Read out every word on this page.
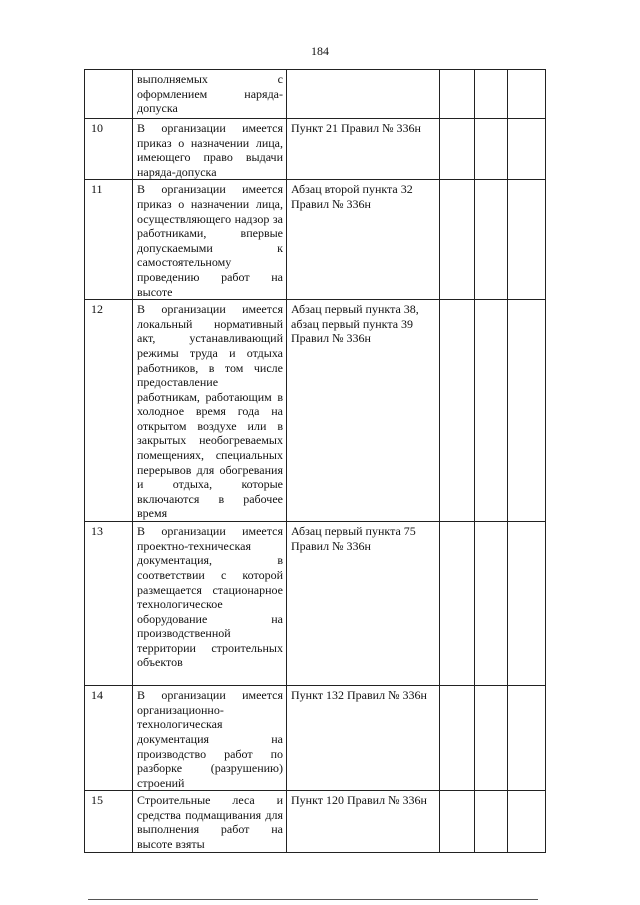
184

	выполняемых с оформлением наряда-допуска				

10	В организации имеется приказ о назначении лица, имеющего право выдачи наряда-допуска	Пункт 21 Правил № 336н			
11	В организации имеется приказ о назначении лица, осуществляющего надзор за работниками, впервые допускаемыми к самостоятельному проведению работ на высоте	Абзац второй пункта 32 Правил № 336н			
12	В организации имеется локальный нормативный акт, устанавливающий режимы труда и отдыха работников, в том числе предоставление работникам, работающим в холодное время года на открытом воздухе или в закрытых необогреваемых помещениях, специальных перерывов для обогревания и отдыха, которые включаются в рабочее время	Абзац первый пункта 38, абзац первый пункта 39 Правил № 336н			
13	В организации имеется проектно-техническая документация, в соответствии с которой размещается стационарное технологическое оборудование на производственной территории строительных объектов	Абзац первый пункта 75 Правил № 336н			
14	В организации имеется организационно-технологическая документация на производство работ по разборке (разрушению) строений	Пункт 132 Правил № 336н			
15	Строительные леса и средства подмащивания для выполнения работ на высоте взяты	Пункт 120 Правил № 336н			
